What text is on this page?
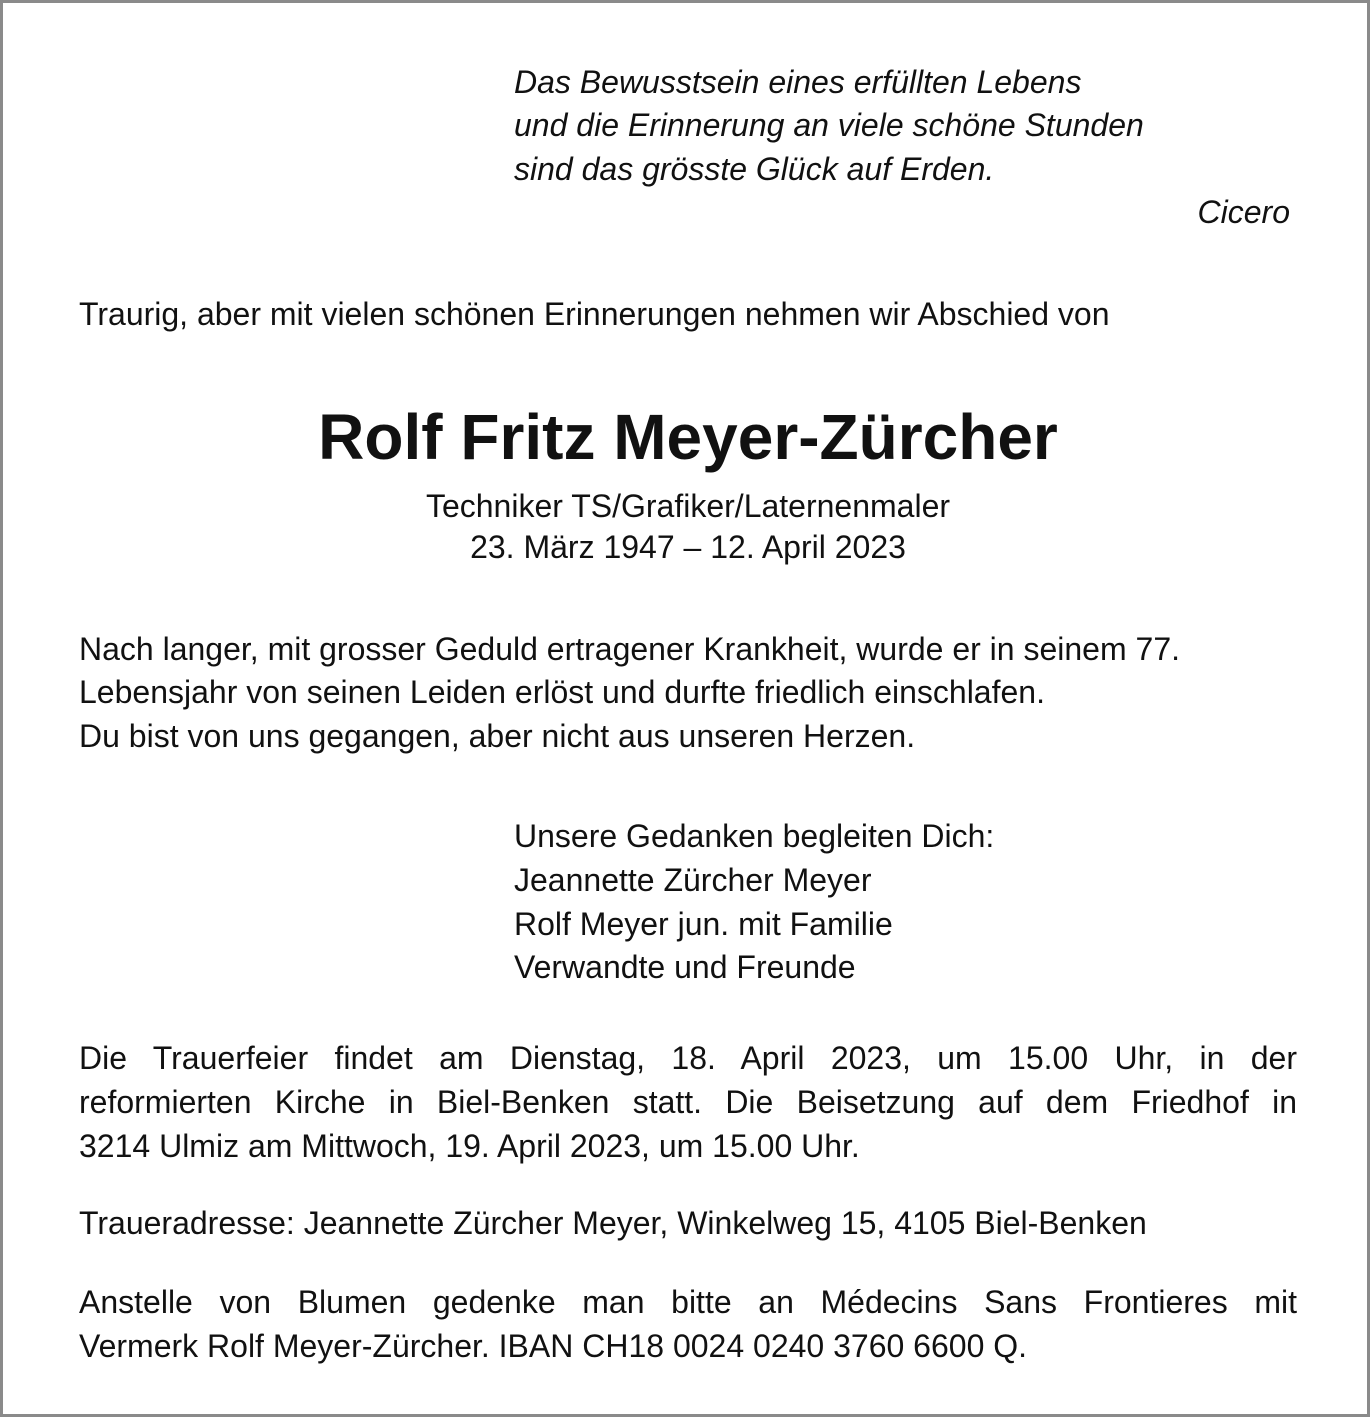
Das Bewusstsein eines erfüllten Lebens
und die Erinnerung an viele schöne Stunden
sind das grösste Glück auf Erden.
Cicero
Traurig, aber mit vielen schönen Erinnerungen nehmen wir Abschied von
Rolf Fritz Meyer-Zürcher
Techniker TS/Grafiker/Laternenmaler
23. März 1947 – 12. April 2023
Nach langer, mit grosser Geduld ertragener Krankheit, wurde er in seinem 77.
Lebensjahr von seinen Leiden erlöst und durfte friedlich einschlafen.
Du bist von uns gegangen, aber nicht aus unseren Herzen.
Unsere Gedanken begleiten Dich:
Jeannette Zürcher Meyer
Rolf Meyer jun. mit Familie
Verwandte und Freunde
Die Trauerfeier findet am Dienstag, 18. April 2023, um 15.00 Uhr, in der
reformierten Kirche in Biel-Benken statt. Die Beisetzung auf dem Friedhof in
3214 Ulmiz am Mittwoch, 19. April 2023, um 15.00 Uhr.
Traueradresse: Jeannette Zürcher Meyer, Winkelweg 15, 4105 Biel-Benken
Anstelle von Blumen gedenke man bitte an Médecins Sans Frontieres mit
Vermerk Rolf Meyer-Zürcher. IBAN CH18 0024 0240 3760 6600 Q.
